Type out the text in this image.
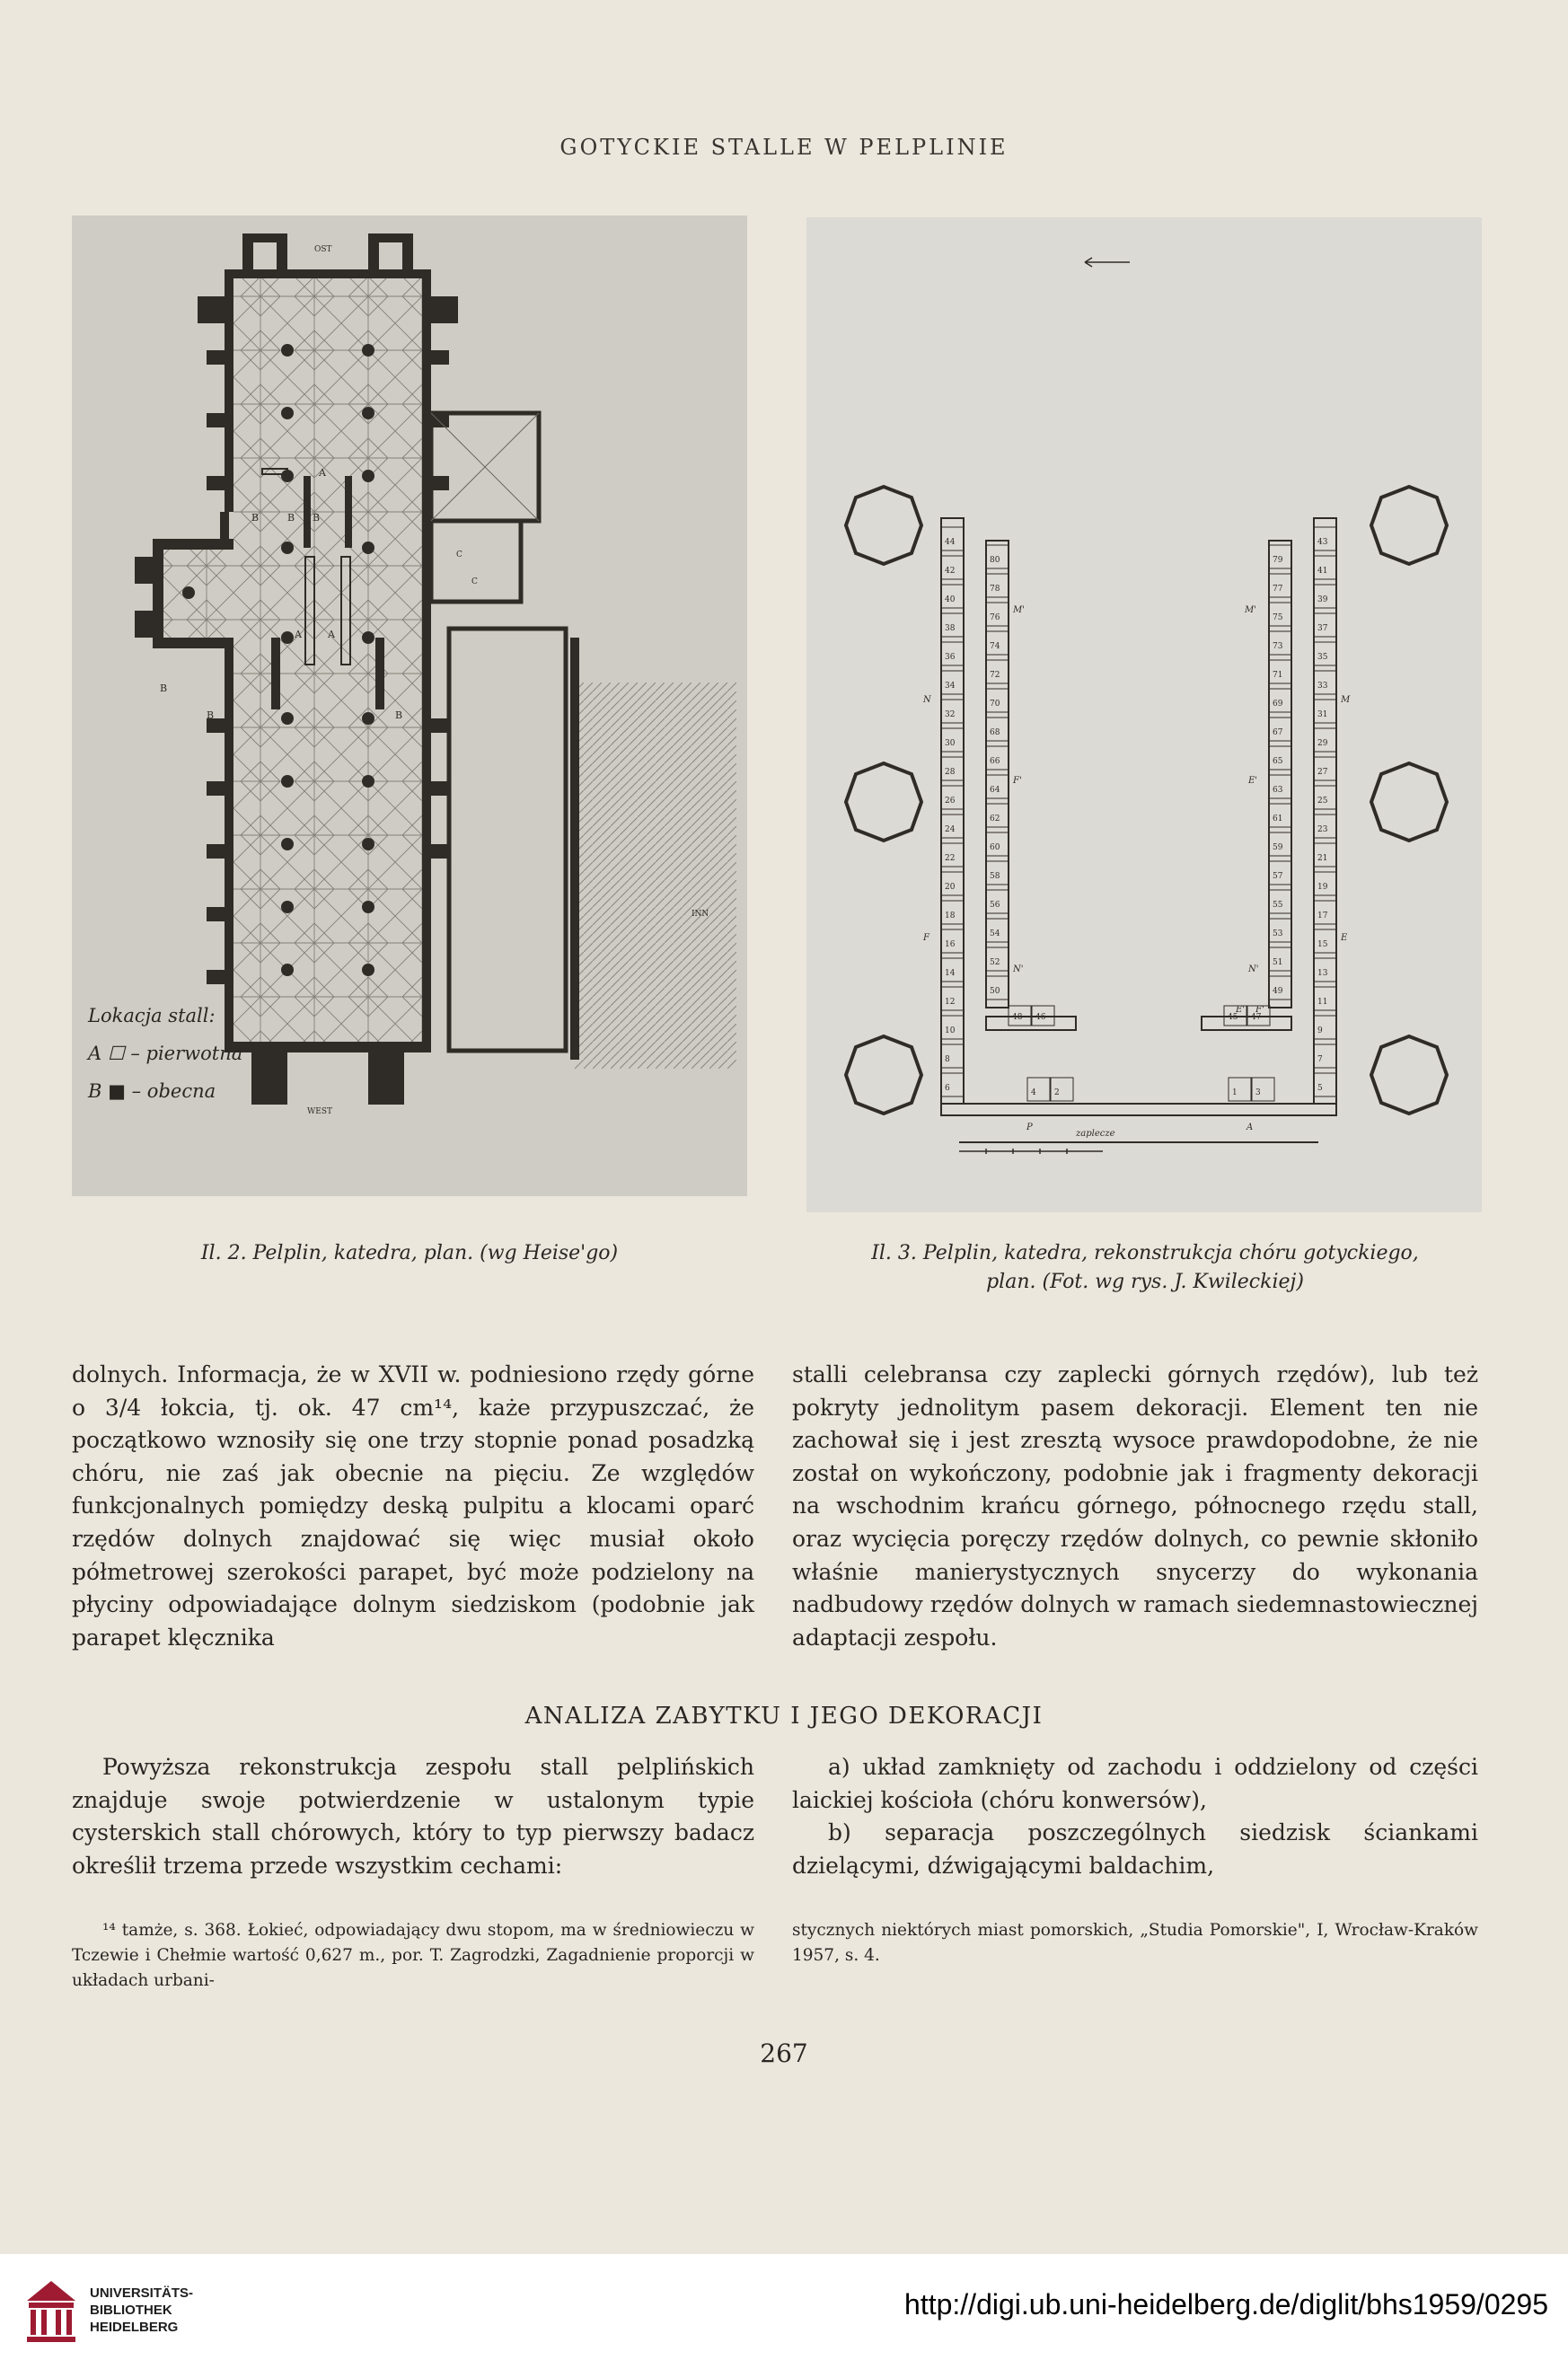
GOTYCKIE STALLE W PELPLINIE
C
C
OST
WEST
INN
A	A
A
B	B B
B
B	B
Lokacja stall:
A ☐ – pierwotna
B ■ – obecna
44
42
40
38
36
34
32
30
28
26
24
22
20
18
16
14
12
10
8
6
43
41
39
37
35
33
31
29
27
25
23
21
19
17
15
13
11
9
7
5
80
78
76
74
72
70
68
66
64
62
60
58
56
54
52
50
79
77
75
73
71
69
67
65
63
61
59
57
55
53
51
49
48 46	45 47
4 2	1 3
N
M'
M
F
F'	E'
E
N'	N'
E' F'
P	A
M'
zaplecze
Il. 2. Pelplin, katedra, plan. (wg Heise'go)	Il. 3. Pelplin, katedra, rekonstrukcja chóru gotyckiego,
plan. (Fot. wg rys. J. Kwileckiej)

dolnych. Informacja, że w XVII w. podniesiono rzędy górne o 3/4 łokcia, tj. ok. 47 cm¹⁴, każe przypuszczać, że początkowo wznosiły się one trzy stopnie ponad posadzką chóru, nie zaś jak obecnie na pięciu. Ze względów funkcjonalnych pomiędzy deską pulpitu a klocami oparć rzędów dolnych znajdować się więc musiał około półmetrowej szerokości parapet, być może podzielony na płyciny odpowiadające dolnym siedziskom (podobnie jak parapet klęcznika

stalli celebransa czy zaplecki górnych rzędów), lub też pokryty jednolitym pasem dekoracji. Element ten nie zachował się i jest zresztą wysoce prawdopodobne, że nie został on wykończony, podobnie jak i fragmenty dekoracji na wschodnim krańcu górnego, północnego rzędu stall, oraz wycięcia poręczy rzędów dolnych, co pewnie skłoniło właśnie manierystycznych snycerzy do wykonania nadbudowy rzędów dolnych w ramach siedemnastowiecznej adaptacji zespołu.

ANALIZA ZABYTKU I JEGO DEKORACJI

Powyższa rekonstrukcja zespołu stall pelplińskich znajduje swoje potwierdzenie w ustalonym typie cysterskich stall chórowych, który to typ pierwszy badacz określił trzema przede wszystkim cechami:

a) układ zamknięty od zachodu i oddzielony od części laickiej kościoła (chóru konwersów),

b) separacja poszczególnych siedzisk ściankami dzielącymi, dźwigającymi baldachim,

¹⁴ tamże, s. 368. Łokieć, odpowiadający dwu stopom, ma w średniowieczu w Tczewie i Chełmie wartość 0,627 m., por. T. Zagrodzki, Zagadnienie proporcji w układach urbani-
stycznych niektórych miast pomorskich, „Studia Pomorskie", I, Wrocław-Kraków 1957, s. 4.
267
UNIVERSITÄTS-
BIBLIOTHEK
HEIDELBERG
http://digi.ub.uni-heidelberg.de/diglit/bhs1959/0295
